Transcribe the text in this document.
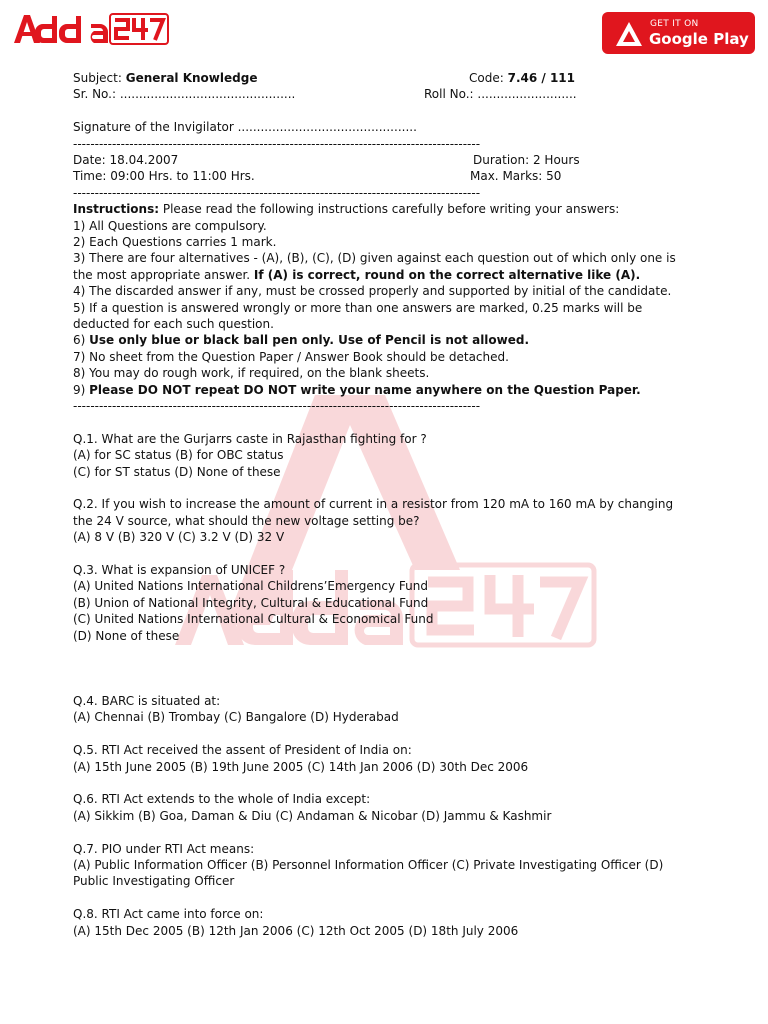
GET IT ON
Google Play
Subject: General Knowledge	Code: 7.46 / 111
Sr. No.: ..............................................	Roll No.: ..........................
Signature of the Invigilator ...............................................
----------------------------------------------------------------------------------------------
Date: 18.04.2007	Duration: 2 Hours
Time: 09:00 Hrs. to 11:00 Hrs.	Max. Marks: 50
----------------------------------------------------------------------------------------------

Instructions: Please read the following instructions carefully before writing your answers:

1) All Questions are compulsory.

2) Each Questions carries 1 mark.

3) There are four alternatives - (A), (B), (C), (D) given against each question out of which only one is the most appropriate answer. If (A) is correct, round on the correct alternative like (A).

4) The discarded answer if any, must be crossed properly and supported by initial of the candidate.

5) If a question is answered wrongly or more than one answers are marked, 0.25 marks will be deducted for each such question.

6) Use only blue or black ball pen only. Use of Pencil is not allowed.

7) No sheet from the Question Paper / Answer Book should be detached.

8) You may do rough work, if required, on the blank sheets.

9) Please DO NOT repeat DO NOT write your name anywhere on the Question Paper.

----------------------------------------------------------------------------------------------

Q.1. What are the Gurjarrs caste in Rajasthan fighting for ?

(A) for SC status (B) for OBC status

(C) for ST status (D) None of these

Q.2. If you wish to increase the amount of current in a resistor from 120 mA to 160 mA by changing the 24 V source, what should the new voltage setting be?

(A) 8 V (B) 320 V (C) 3.2 V (D) 32 V

Q.3. What is expansion of UNICEF ?

(A) United Nations International Childrens’Emergency Fund

(B) Union of National Integrity, Cultural & Educational Fund

(C) United Nations International Cultural & Economical Fund

(D) None of these

Q.4. BARC is situated at:

(A) Chennai (B) Trombay (C) Bangalore (D) Hyderabad

Q.5. RTI Act received the assent of President of India on:

(A) 15th June 2005 (B) 19th June 2005 (C) 14th Jan 2006 (D) 30th Dec 2006

Q.6. RTI Act extends to the whole of India except:

(A) Sikkim (B) Goa, Daman & Diu (C) Andaman & Nicobar (D) Jammu & Kashmir

Q.7. PIO under RTI Act means:

(A) Public Information Officer (B) Personnel Information Officer (C) Private Investigating Officer (D) Public Investigating Officer

Q.8. RTI Act came into force on:

(A) 15th Dec 2005 (B) 12th Jan 2006 (C) 12th Oct 2005 (D) 18th July 2006
